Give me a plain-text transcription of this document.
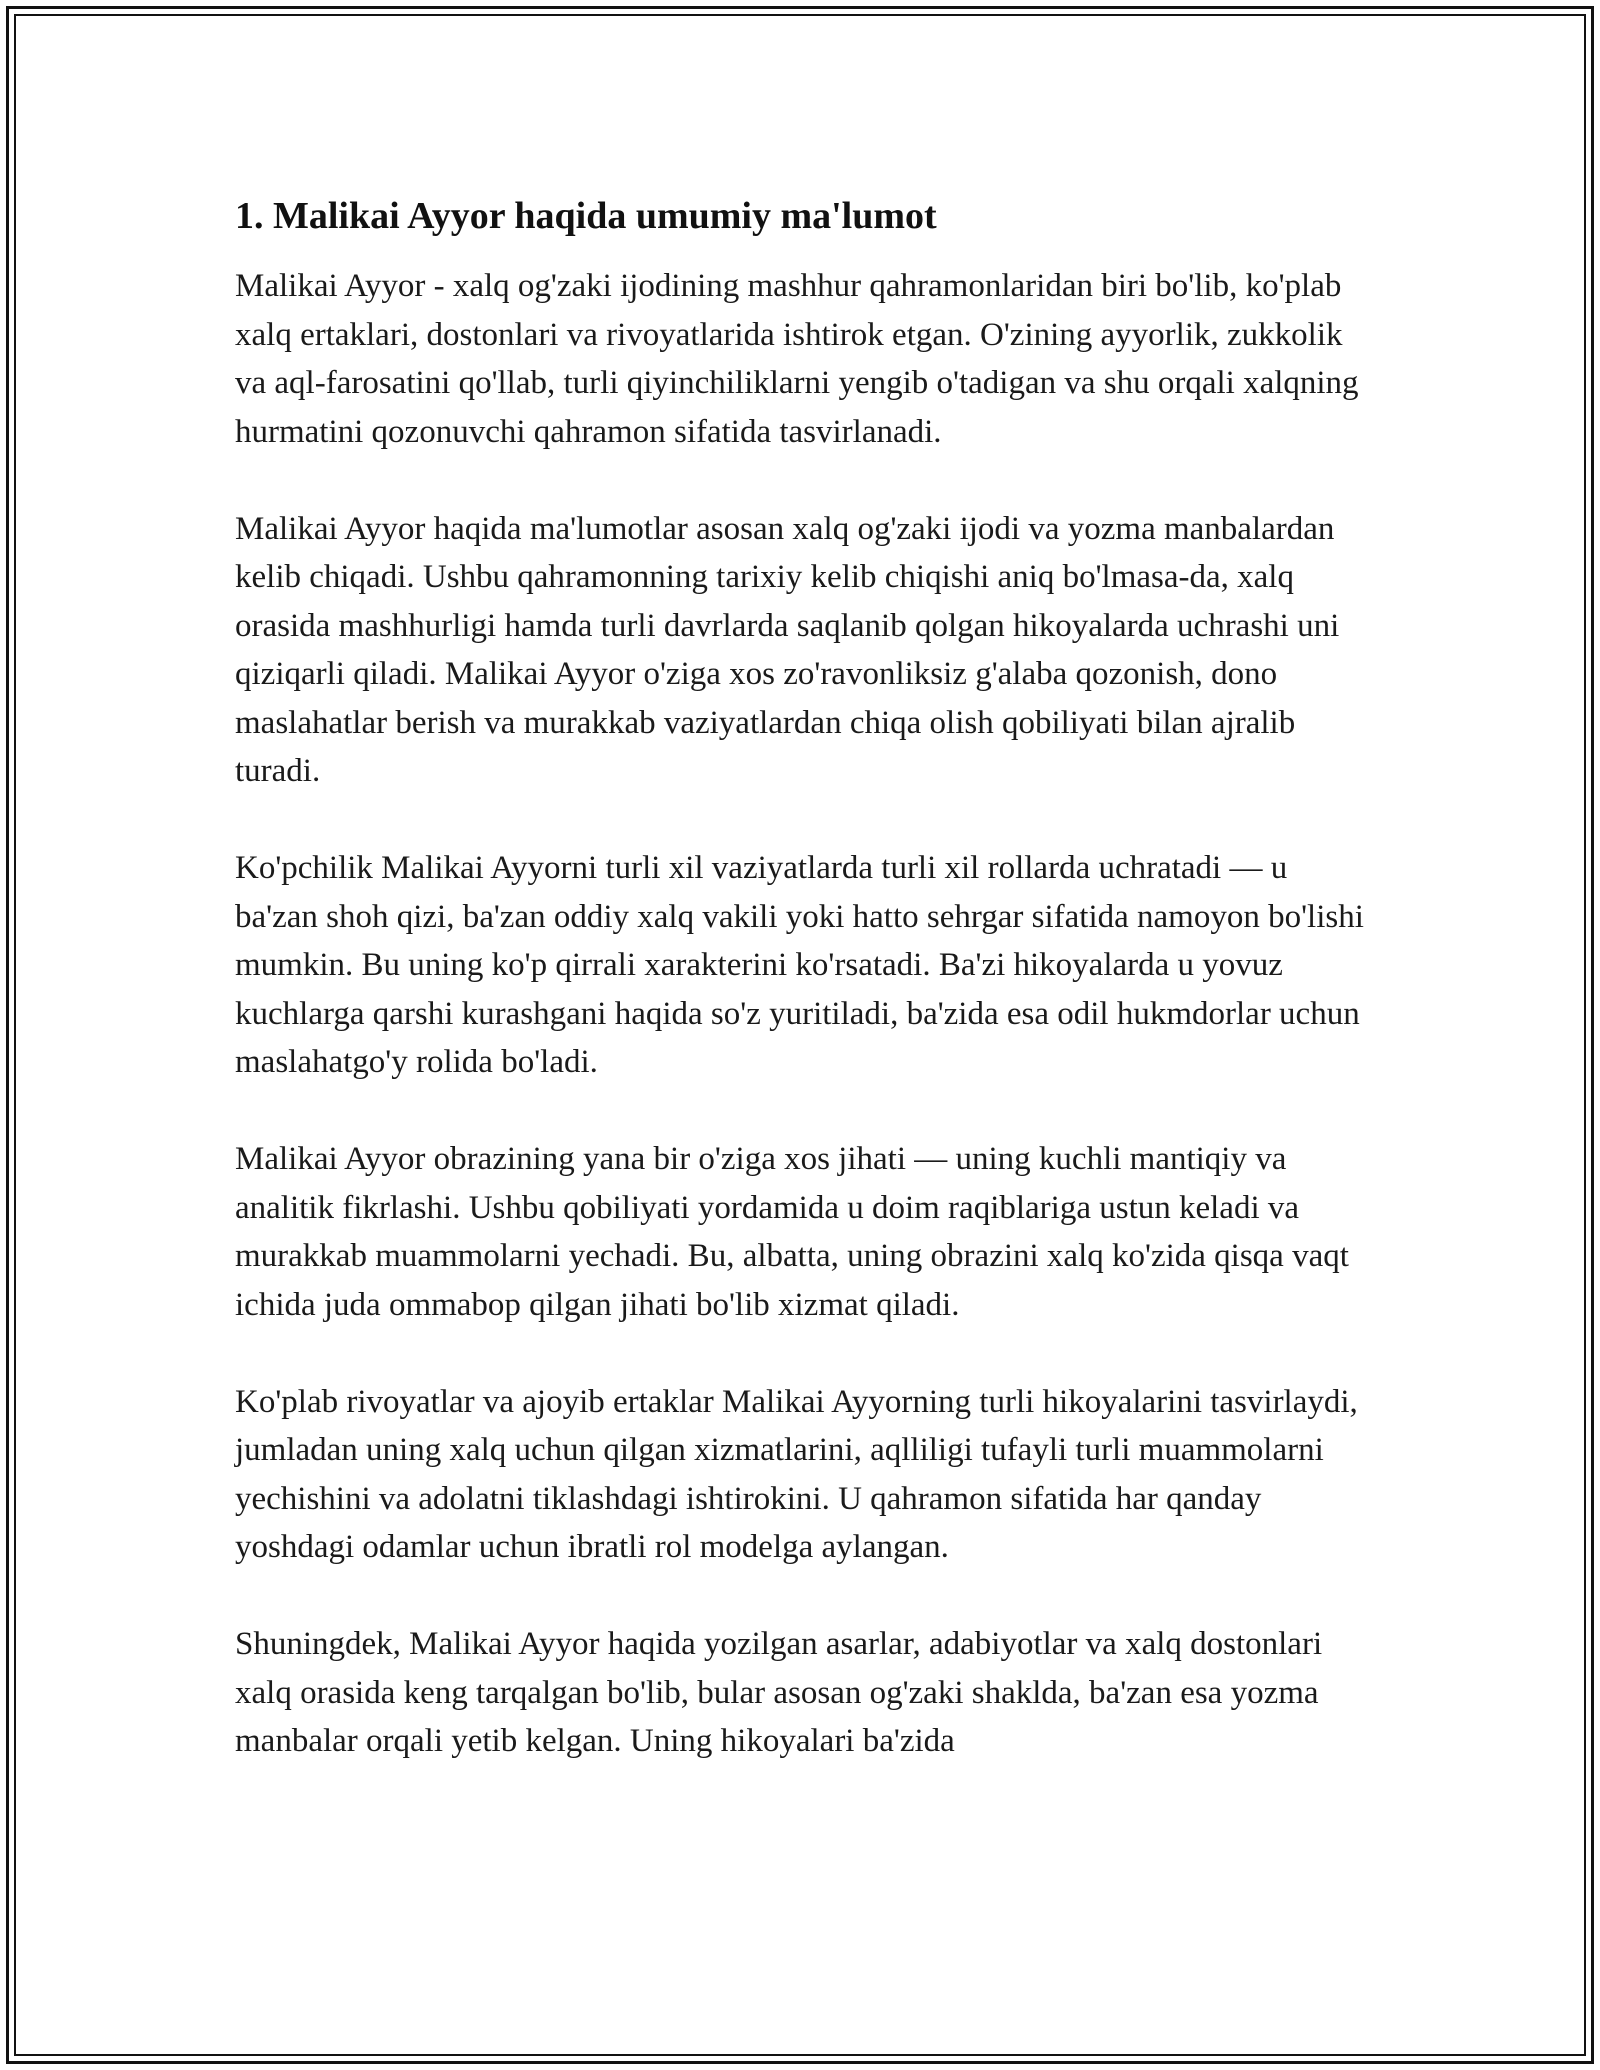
1. Malikai Ayyor haqida umumiy ma'lumot

Malikai Ayyor - xalq og'zaki ijodining mashhur qahramonlaridan biri bo'lib, ko'plab xalq ertaklari, dostonlari va rivoyatlarida ishtirok etgan. O'zining ayyorlik, zukkolik va aql-farosatini qo'llab, turli qiyinchiliklarni yengib o'tadigan va shu orqali xalqning hurmatini qozonuvchi qahramon sifatida tasvirlanadi.

Malikai Ayyor haqida ma'lumotlar asosan xalq og'zaki ijodi va yozma manbalardan kelib chiqadi. Ushbu qahramonning tarixiy kelib chiqishi aniq bo'lmasa-da, xalq orasida mashhurligi hamda turli davrlarda saqlanib qolgan hikoyalarda uchrashi uni qiziqarli qiladi. Malikai Ayyor o'ziga xos zo'ravonliksiz g'alaba qozonish, dono maslahatlar berish va murakkab vaziyatlardan chiqa olish qobiliyati bilan ajralib turadi.

Ko'pchilik Malikai Ayyorni turli xil vaziyatlarda turli xil rollarda uchratadi — u ba'zan shoh qizi, ba'zan oddiy xalq vakili yoki hatto sehrgar sifatida namoyon bo'lishi mumkin. Bu uning ko'p qirrali xarakterini ko'rsatadi. Ba'zi hikoyalarda u yovuz kuchlarga qarshi kurashgani haqida so'z yuritiladi, ba'zida esa odil hukmdorlar uchun maslahatgo'y rolida bo'ladi.

Malikai Ayyor obrazining yana bir o'ziga xos jihati — uning kuchli mantiqiy va analitik fikrlashi. Ushbu qobiliyati yordamida u doim raqiblariga ustun keladi va murakkab muammolarni yechadi. Bu, albatta, uning obrazini xalq ko'zida qisqa vaqt ichida juda ommabop qilgan jihati bo'lib xizmat qiladi.

Ko'plab rivoyatlar va ajoyib ertaklar Malikai Ayyorning turli hikoyalarini tasvirlaydi, jumladan uning xalq uchun qilgan xizmatlarini, aqlliligi tufayli turli muammolarni yechishini va adolatni tiklashdagi ishtirokini. U qahramon sifatida har qanday yoshdagi odamlar uchun ibratli rol modelga aylangan.

Shuningdek, Malikai Ayyor haqida yozilgan asarlar, adabiyotlar va xalq dostonlari xalq orasida keng tarqalgan bo'lib, bular asosan og'zaki shaklda, ba'zan esa yozma manbalar orqali yetib kelgan. Uning hikoyalari ba'zida
